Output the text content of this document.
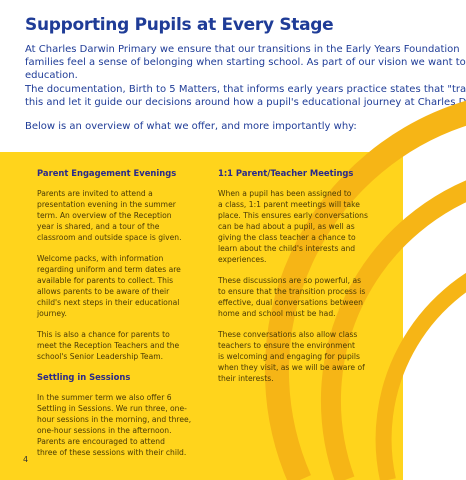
Supporting Pupils at Every Stage

At Charles Darwin Primary we ensure that our transitions in the Early Years Foundation
families feel a sense of belonging when starting school. As part of our vision we want to
education.

The documentation, Birth to 5 Matters, that informs early years practice states that "tra
this and let it guide our decisions around how a pupil's educational journey at Charles D

Below is an overview of what we offer, and more importantly why:

Parent Engagement Evenings

Parents are invited to attend a
presentation evening in the summer
term. An overview of the Reception
year is shared, and a tour of the
classroom and outside space is given.

Welcome packs, with information
regarding uniform and term dates are
available for parents to collect. This
allows parents to be aware of their
child's next steps in their educational
journey.

This is also a chance for parents to
meet the Reception Teachers and the
school's Senior Leadership Team.

Settling in Sessions

In the summer term we also offer 6
Settling in Sessions. We run three, one-
hour sessions in the morning, and three,
one-hour sessions in the afternoon.
Parents are encouraged to attend
three of these sessions with their child.

1:1 Parent/Teacher Meetings

When a pupil has been assigned to
a class, 1:1 parent meetings will take
place. This ensures early conversations
can be had about a pupil, as well as
giving the class teacher a chance to
learn about the child's interests and
experiences.

These discussions are so powerful, as
to ensure that the transition process is
effective, dual conversations between
home and school must be had.

These conversations also allow class
teachers to ensure the environment
is welcoming and engaging for pupils
when they visit, as we will be aware of
their interests.

4
